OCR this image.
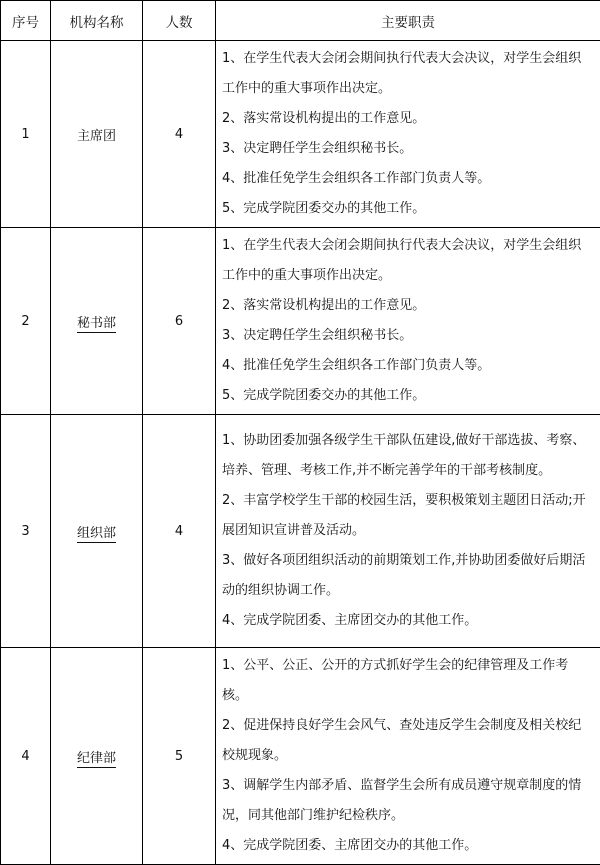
序号	机构名称	人数	主要职责
1	主席团	4	1、在学生代表大会闭会期间执行代表大会决议，对学生会组织工作中的重大事项作出决定。
2、落实常设机构提出的工作意见。
3、决定聘任学生会组织秘书长。
4、批准任免学生会组织各工作部门负责人等。
5、完成学院团委交办的其他工作。

2	秘书部	6	1、在学生代表大会闭会期间执行代表大会决议，对学生会组织工作中的重大事项作出决定。
2、落实常设机构提出的工作意见。
3、决定聘任学生会组织秘书长。
4、批准任免学生会组织各工作部门负责人等。
5、完成学院团委交办的其他工作。

3	组织部	4	1、协助团委加强各级学生干部队伍建设,做好干部选拔、考察、培养、管理、考核工作,并不断完善学年的干部考核制度。
2、丰富学校学生干部的校园生活，要积极策划主题团日活动;开展团知识宣讲普及活动。
3、做好各项团组织活动的前期策划工作,并协助团委做好后期活动的组织协调工作。
4、完成学院团委、主席团交办的其他工作。

4	纪律部	5	1、公平、公正、公开的方式抓好学生会的纪律管理及工作考核。
2、促进保持良好学生会风气、查处违反学生会制度及相关校纪校规现象。
3、调解学生内部矛盾、监督学生会所有成员遵守规章制度的情况，同其他部门维护纪检秩序。
4、完成学院团委、主席团交办的其他工作。
